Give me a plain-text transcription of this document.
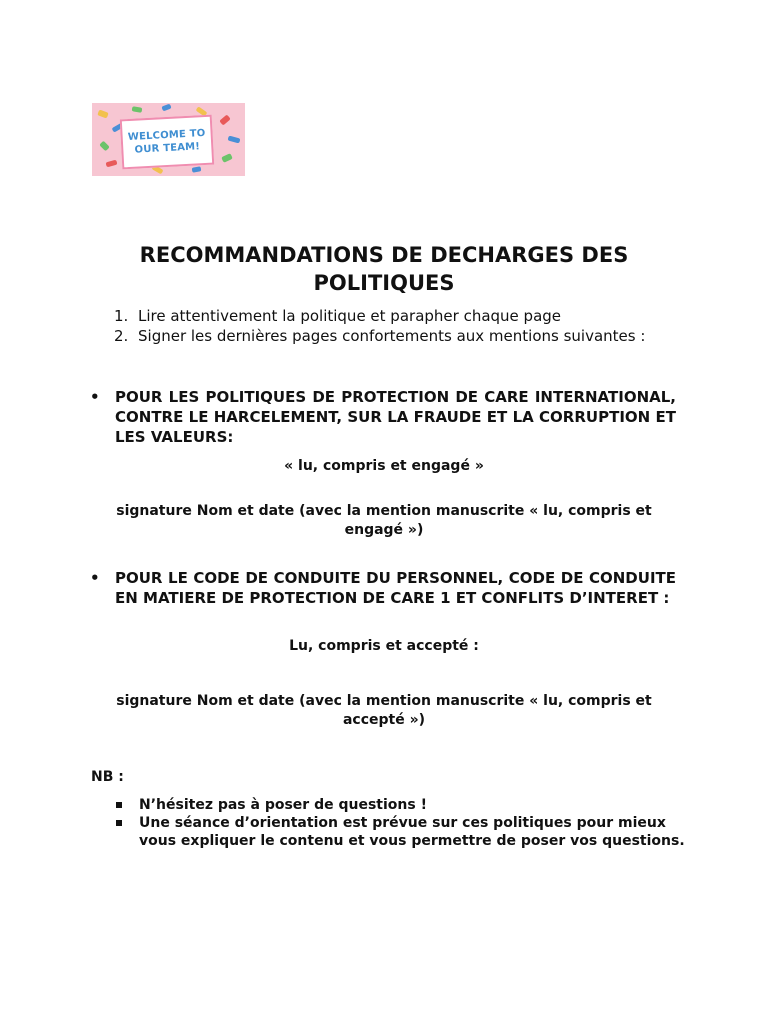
WELCOME TO
OUR TEAM!
RECOMMANDATIONS DE DECHARGES DES POLITIQUES
1. Lire attentivement la politique et parapher chaque page
2. Signer les dernières pages confortements aux mentions suivantes :
• POUR LES POLITIQUES DE PROTECTION DE CARE INTERNATIONAL, CONTRE LE HARCELEMENT, SUR LA FRAUDE ET LA CORRUPTION ET LES VALEURS:

« lu, compris et engagé »

signature Nom et date (avec la mention manuscrite « lu, compris et engagé »)

• POUR LE CODE DE CONDUITE DU PERSONNEL, CODE DE CONDUITE EN MATIERE DE PROTECTION DE CARE 1 ET CONFLITS D’INTERET :

Lu, compris et accepté :

signature Nom et date (avec la mention manuscrite « lu, compris et accepté »)

NB :
N’hésitez pas à poser de questions !
Une séance d’orientation est prévue sur ces politiques pour mieux vous expliquer le contenu et vous permettre de poser vos questions.
